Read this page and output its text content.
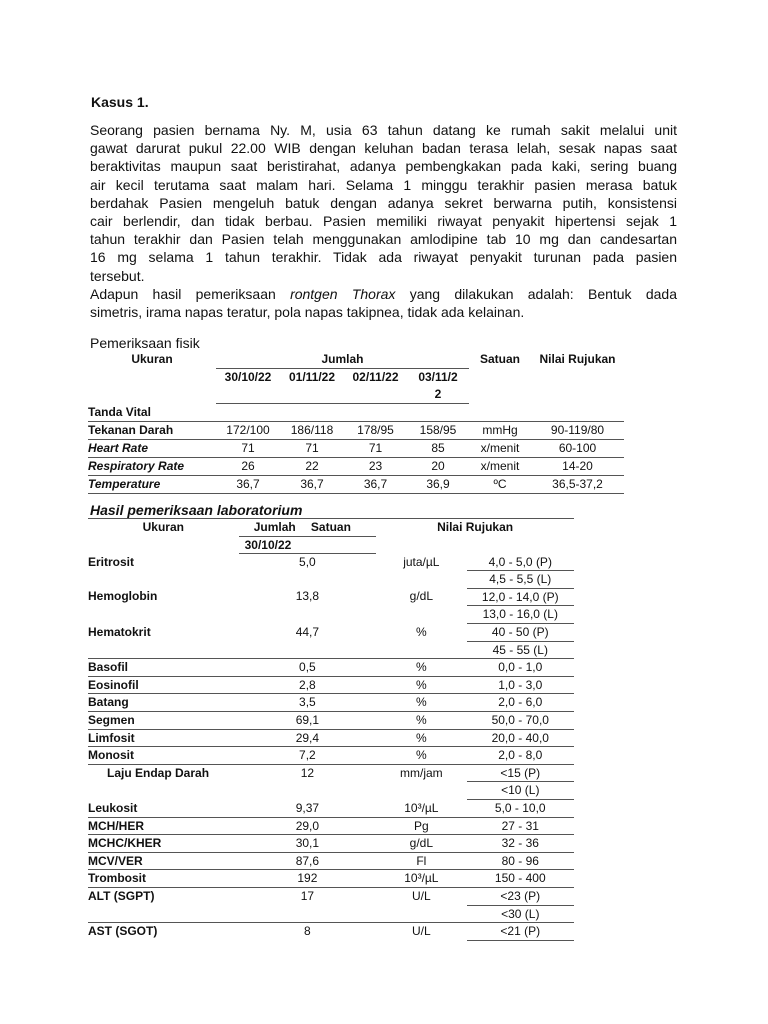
Kasus 1.
Seorang pasien bernama Ny. M, usia 63 tahun datang ke rumah sakit melalui unit
gawat darurat pukul 22.00 WIB dengan keluhan badan terasa lelah, sesak napas saat
beraktivitas maupun saat beristirahat, adanya pembengkakan pada kaki, sering buang
air kecil terutama saat malam hari. Selama 1 minggu terakhir pasien merasa batuk
berdahak Pasien mengeluh batuk dengan adanya sekret berwarna putih, konsistensi
cair berlendir, dan tidak berbau. Pasien memiliki riwayat penyakit hipertensi sejak 1
tahun terakhir dan Pasien telah menggunakan amlodipine tab 10 mg dan candesartan
16 mg selama 1 tahun terakhir. Tidak ada riwayat penyakit turunan pada pasien
tersebut.
Adapun hasil pemeriksaan rontgen Thorax yang dilakukan adalah: Bentuk dada
simetris, irama napas teratur, pola napas takipnea, tidak ada kelainan.
Pemeriksaan fisik
Ukuran	Jumlah				Satuan	Nilai Rujukan
	30/10/22	01/11/22	02/11/22	03/11/2		
				2		
Tanda Vital						
Tekanan Darah	172/100	186/118	178/95	158/95	mmHg	90-119/80
Heart Rate	71	71	71	85	x/menit	60-100
Respiratory Rate	26	22	23	20	x/menit	14-20
Temperature	36,7	36,7	36,7	36,9	ºC	36,5-37,2
Hasil pemeriksaan laboratorium
Ukuran	Jumlah	Satuan	Nilai Rujukan	
	30/10/22			
Eritrosit	5,0		juta/µL	4,0 - 5,0 (P)
				4,5 - 5,5 (L)
Hemoglobin	13,8		g/dL	12,0 - 14,0 (P)
				13,0 - 16,0 (L)
Hematokrit	44,7		%	40 - 50 (P)
				45 - 55 (L)
Basofil	0,5		%	0,0 - 1,0
Eosinofil	2,8		%	1,0 - 3,0
Batang	3,5		%	2,0 - 6,0
Segmen	69,1		%	50,0 - 70,0
Limfosit	29,4		%	20,0 - 40,0
Monosit	7,2		%	2,0 - 8,0
Laju Endap Darah	12		mm/jam	<15 (P)
				<10 (L)
Leukosit	9,37		10³/µL	5,0 - 10,0
MCH/HER	29,0		Pg	27 - 31
MCHC/KHER	30,1		g/dL	32 - 36
MCV/VER	87,6		Fl	80 - 96
Trombosit	192		10³/µL	150 - 400
ALT (SGPT)	17		U/L	<23 (P)
				<30 (L)
AST (SGOT)	8		U/L	<21 (P)
